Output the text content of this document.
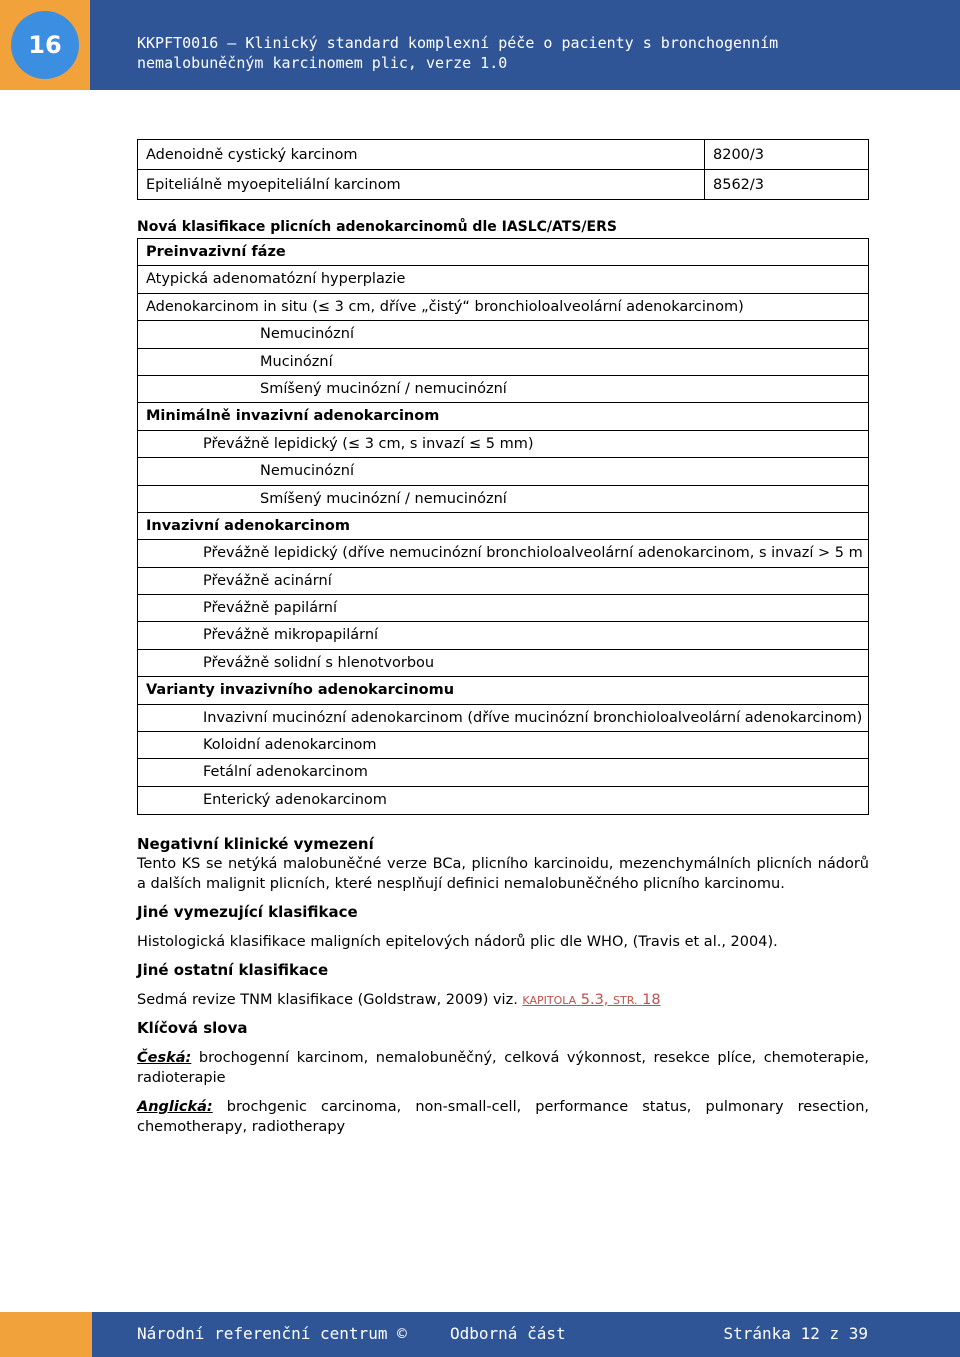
16	KKPFT0016 – Klinický standard komplexní péče o pacienty s bronchogenním
nemalobuněčným karcinomem plic, verze 1.0
Adenoidně cystický karcinom	8200/3
Epiteliálně myoepiteliální karcinom	8562/3
Nová klasifikace plicních adenokarcinomů dle IASLC/ATS/ERS
Preinvazivní fáze
Atypická adenomatózní hyperplazie
Adenokarcinom in situ (≤ 3 cm, dříve „čistý“ bronchioloalveolární adenokarcinom)
Nemucinózní
Mucinózní
Smíšený mucinózní / nemucinózní
Minimálně invazivní adenokarcinom
Převážně lepidický (≤ 3 cm, s invazí ≤ 5 mm)
Nemucinózní
Smíšený mucinózní / nemucinózní
Invazivní adenokarcinom
Převážně lepidický (dříve nemucinózní bronchioloalveolární adenokarcinom, s invazí > 5 m
Převážně acinární
Převážně papilární
Převážně mikropapilární
Převážně solidní s hlenotvorbou
Varianty invazivního adenokarcinomu
Invazivní mucinózní adenokarcinom (dříve mucinózní bronchioloalveolární adenokarcinom)
Koloidní adenokarcinom
Fetální adenokarcinom
Enterický adenokarcinom
Negativní klinické vymezení
Tento KS se netýká malobuněčné verze BCa, plicního karcinoidu, mezenchymálních plicních nádorů a dalších malignit plicních, které nesplňují definici nemalobuněčného plicního karcinomu.
Jiné vymezující klasifikace
Histologická klasifikace maligních epitelových nádorů plic dle WHO, (Travis et al., 2004).
Jiné ostatní klasifikace
Sedmá revize TNM klasifikace (Goldstraw, 2009) viz. KAPITOLA 5.3, STR. 18
Klíčová slova
Česká: brochogenní karcinom, nemalobuněčný, celková výkonnost, resekce plíce, chemoterapie, radioterapie
Anglická: brochgenic carcinoma, non-small-cell, performance status, pulmonary resection, chemotherapy, radiotherapy
Národní referenční centrum ©	Odborná část	Stránka 12 z 39
